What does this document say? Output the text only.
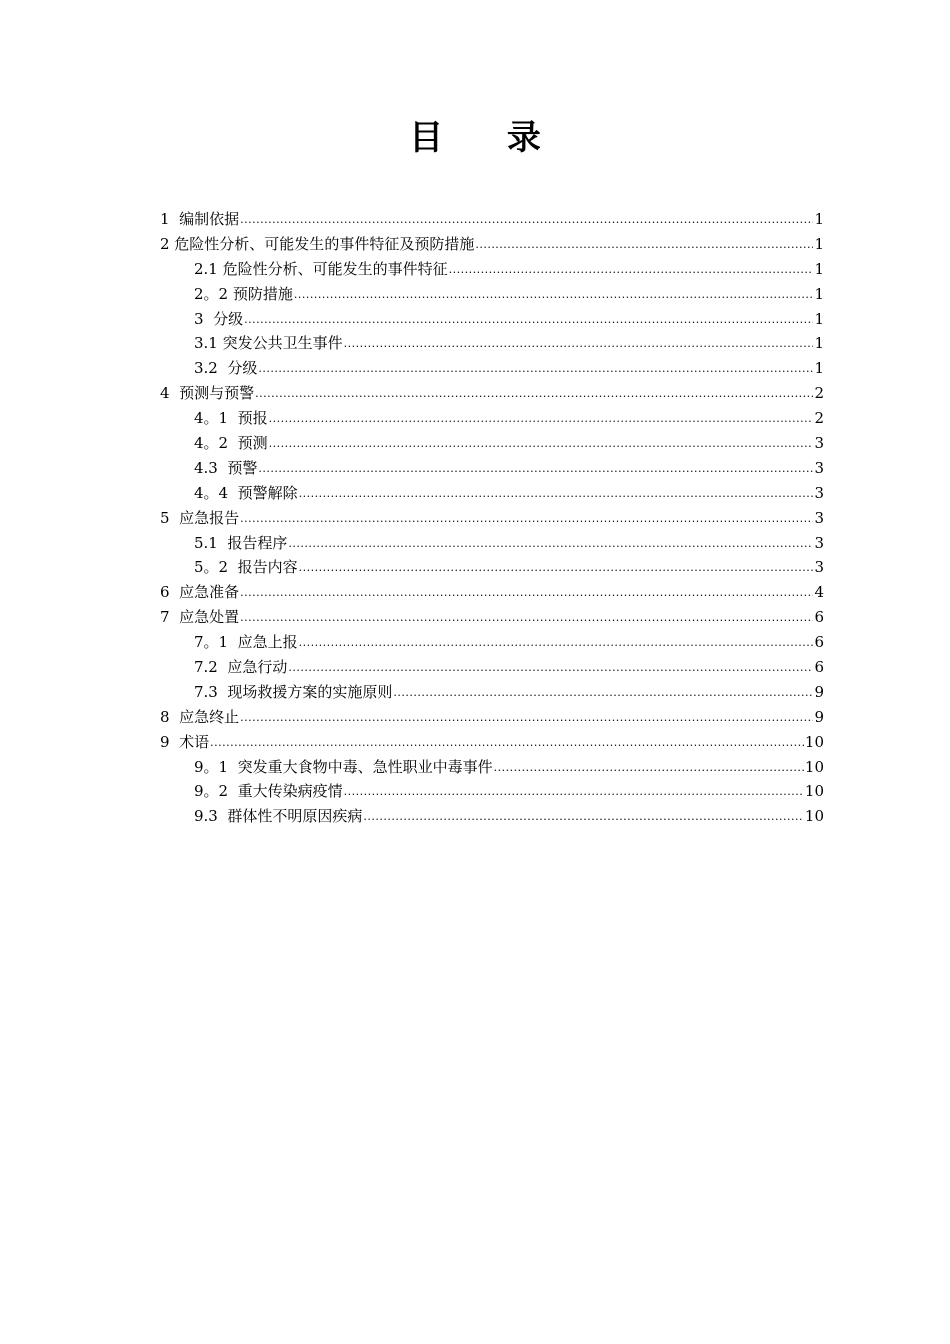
目 录
1  编制依据 .....	1
2 危险性分析、可能发生的事件特征及预防措施 .....	1
2.1 危险性分析、可能发生的事件特征 .....	1
2。2 预防措施 .....	1
3  分级 .....	1
3.1 突发公共卫生事件 .....	1
3.2  分级 .....	1
4  预测与预警 .....	2
4。1  预报 .....	2
4。2  预测 .....	3
4.3  预警 .....	3
4。4  预警解除 .....	3
5  应急报告 .....	3
5.1  报告程序 .....	3
5。2  报告内容 .....	3
6  应急准备 .....	4
7  应急处置 .....	6
7。1  应急上报 .....	6
7.2  应急行动 .....	6
7.3  现场救援方案的实施原则 .....	9
8  应急终止 .....	9
9  术语 .....	10
9。1  突发重大食物中毒、急性职业中毒事件 .....	10
9。2  重大传染病疫情 .....	10
9.3  群体性不明原因疾病 .....	10
